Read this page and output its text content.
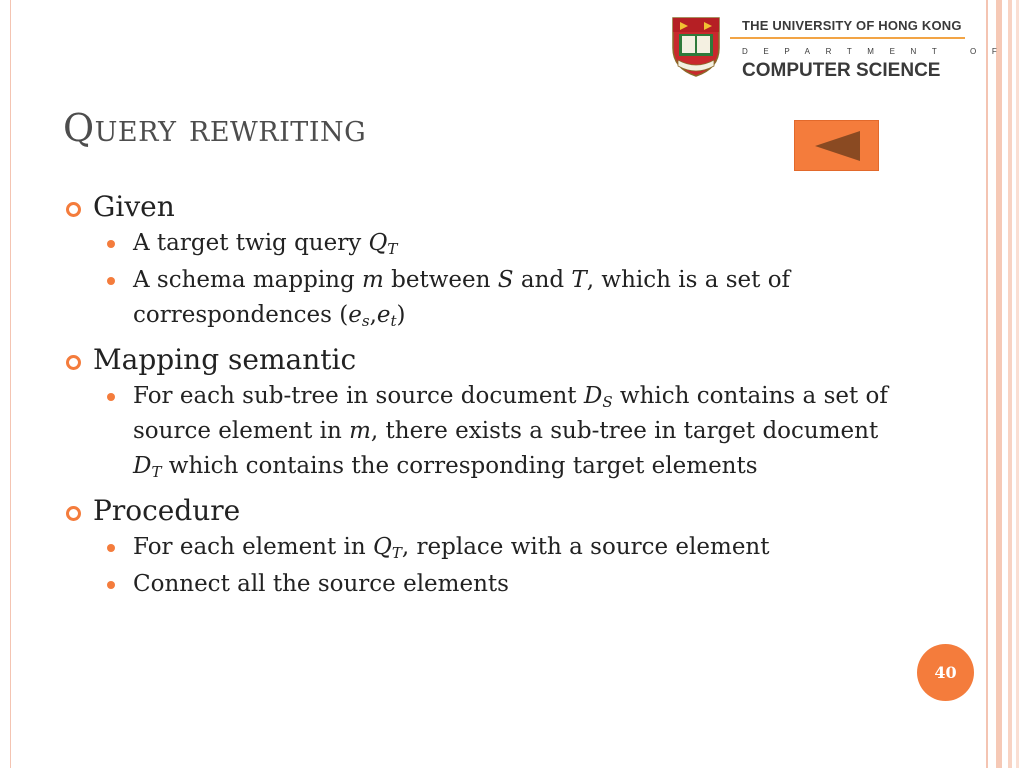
THE UNIVERSITY OF HONG KONG
DEPARTMENT OF
COMPUTER SCIENCE
Query rewriting
Given
A target twig query $Q_T$
A schema mapping m between S and T, which is a set of correspondences $(e_s,e_t)$
Mapping semantic
For each sub-tree in source document $D_S$ which contains a set of source element in m, there exists a sub-tree in target document $D_T$ which contains the corresponding target elements
Procedure
For each element in $Q_T$, replace with a source element
Connect all the source elements
40
